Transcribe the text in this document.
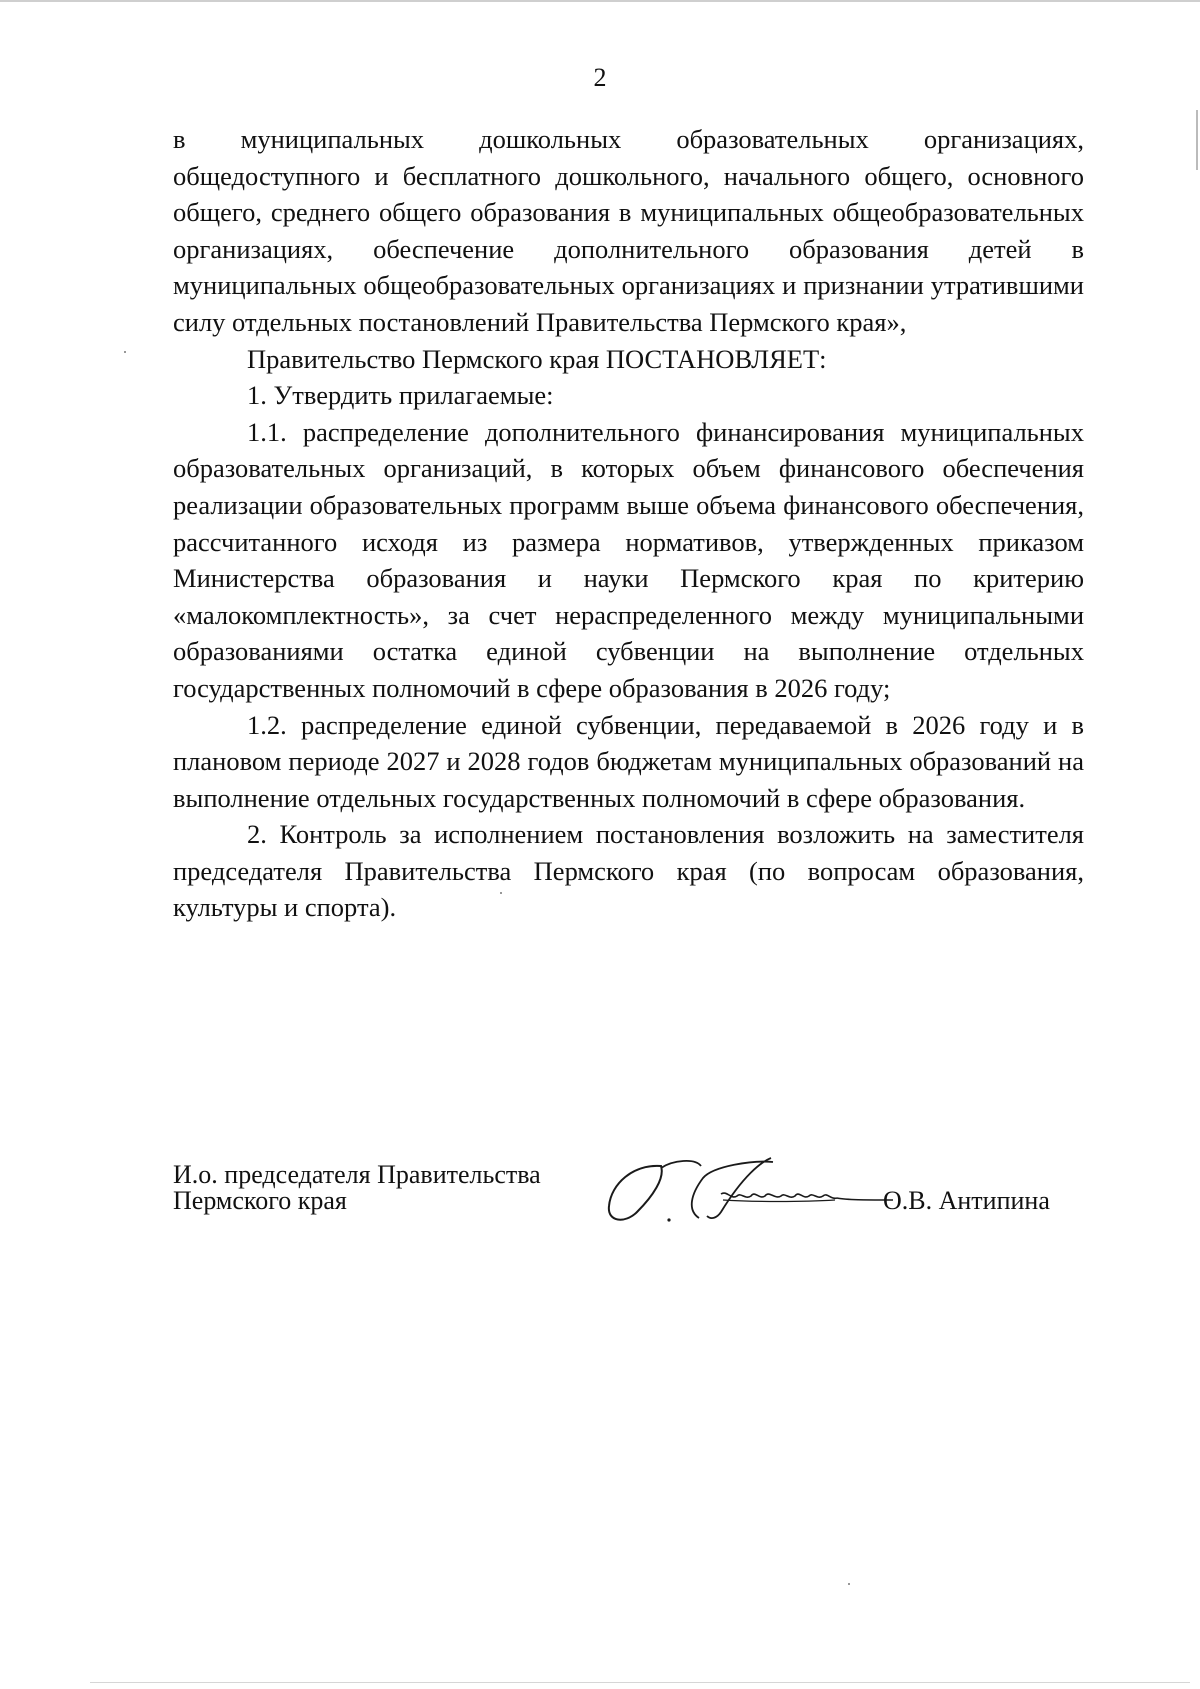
2

в муниципальных дошкольных образовательных организациях, общедоступного и бесплатного дошкольного, начального общего, основного общего, среднего общего образования в муниципальных общеобразовательных организациях, обеспечение дополнительного образования детей в муниципальных общеобразовательных организациях и признании утратившими силу отдельных постановлений Правительства Пермского края»,

Правительство Пермского края ПОСТАНОВЛЯЕТ:

1. Утвердить прилагаемые:

1.1. распределение дополнительного финансирования муниципальных образовательных организаций, в которых объем финансового обеспечения реализации образовательных программ выше объема финансового обеспечения, рассчитанного исходя из размера нормативов, утвержденных приказом Министерства образования и науки Пермского края по критерию «малокомплектность», за счет нераспределенного между муниципальными образованиями остатка единой субвенции на выполнение отдельных государственных полномочий в сфере образования в 2026 году;

1.2. распределение единой субвенции, передаваемой в 2026 году и в плановом периоде 2027 и 2028 годов бюджетам муниципальных образований на выполнение отдельных государственных полномочий в сфере образования.

2. Контроль за исполнением постановления возложить на заместителя председателя Правительства Пермского края (по вопросам образования, культуры и спорта).

И.о. председателя Правительства
Пермского края	О.В. Антипина
